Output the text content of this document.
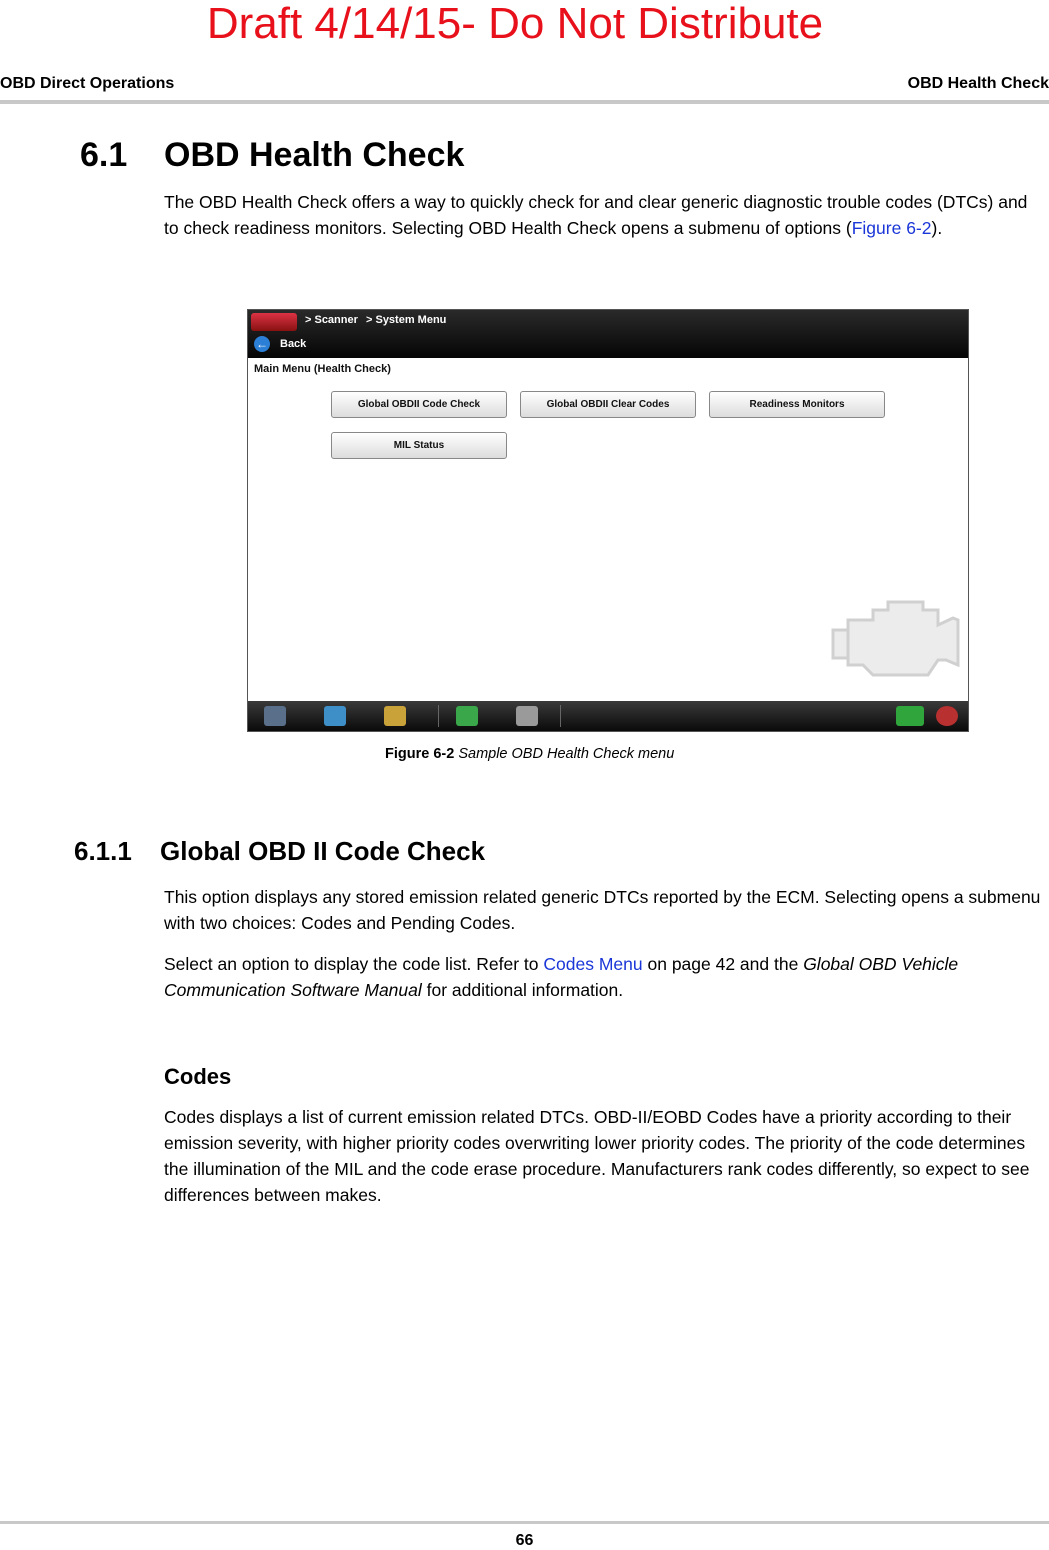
Draft 4/14/15- Do Not Distribute
OBD Direct Operations	OBD Health Check
6.1 OBD Health Check
The OBD Health Check offers a way to quickly check for and clear generic diagnostic trouble codes (DTCs) and to check readiness monitors. Selecting OBD Health Check opens a submenu of options (Figure 6-2).
> Scanner > System Menu
← Back
Main Menu (Health Check)
Global OBDII Code Check	Global OBDII Clear Codes	Readiness Monitors
MIL Status
Figure 6-2 Sample OBD Health Check menu
6.1.1 Global OBD II Code Check
This option displays any stored emission related generic DTCs reported by the ECM. Selecting opens a submenu with two choices: Codes and Pending Codes.
Select an option to display the code list. Refer to Codes Menu on page 42 and the Global OBD Vehicle Communication Software Manual for additional information.
Codes
Codes displays a list of current emission related DTCs. OBD-II/EOBD Codes have a priority according to their emission severity, with higher priority codes overwriting lower priority codes. The priority of the code determines the illumination of the MIL and the code erase procedure. Manufacturers rank codes differently, so expect to see differences between makes.
66
